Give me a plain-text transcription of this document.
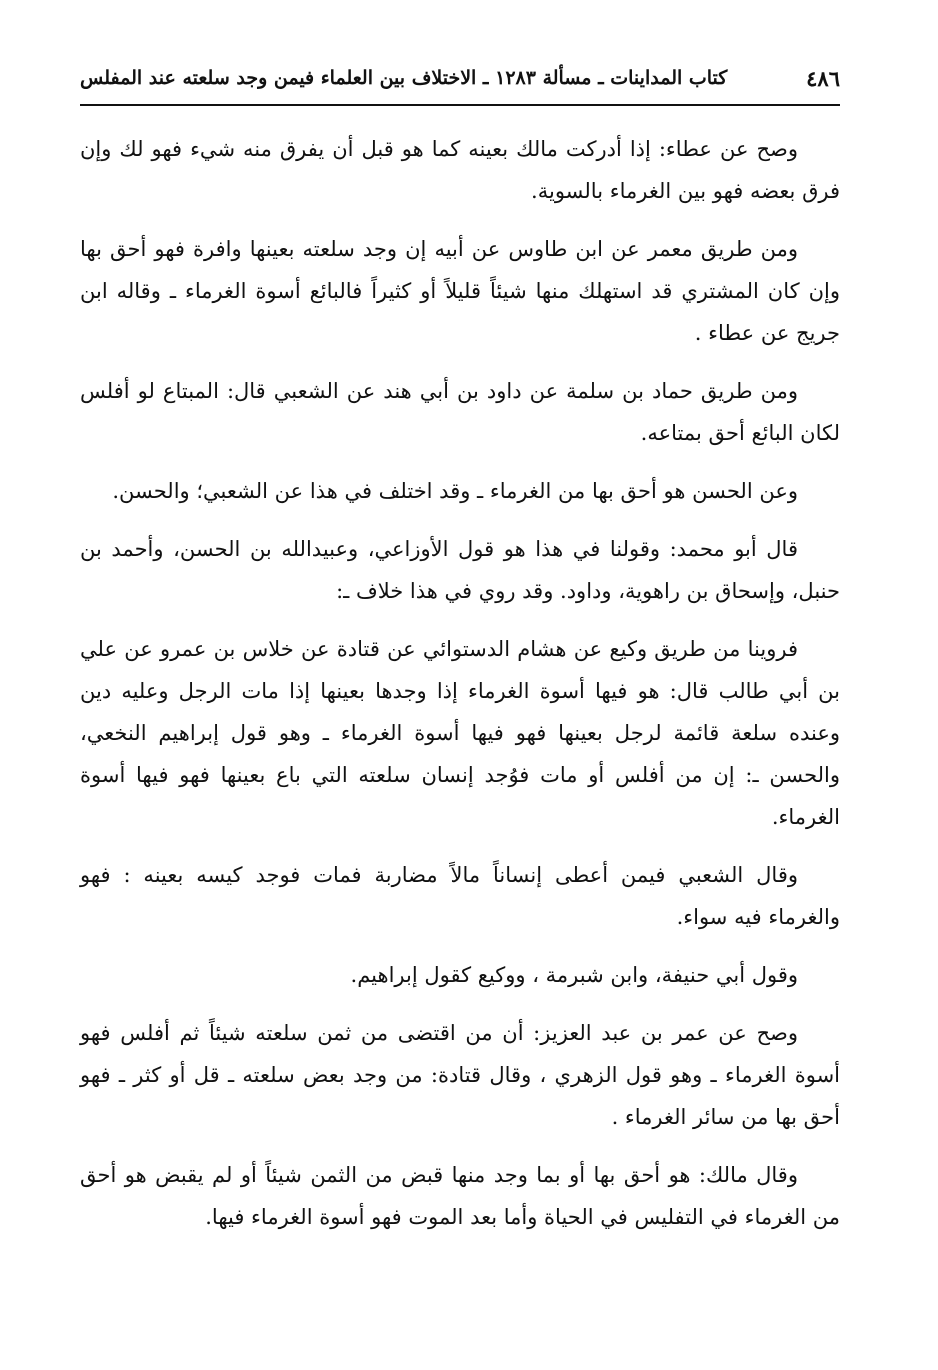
٤٨٦
كتاب المداينات ـ مسألة ١٢٨٣ ـ الاختلاف بين العلماء فيمن وجد سلعته عند المفلس

وصح عن عطاء: إذا أدركت مالك بعينه كما هو قبل أن يفرق منه شيء فهو لك وإن فرق بعضه فهو بين الغرماء بالسوية.

ومن طريق معمر عن ابن طاوس عن أبيه إن وجد سلعته بعينها وافرة فهو أحق بها وإن كان المشتري قد استهلك منها شيئاً قليلاً أو كثيراً فالبائع أسوة الغرماء ـ وقاله ابن جريج عن عطاء .

ومن طريق حماد بن سلمة عن داود بن أبي هند عن الشعبي قال: المبتاع لو أفلس لكان البائع أحق بمتاعه.

وعن الحسن هو أحق بها من الغرماء ـ وقد اختلف في هذا عن الشعبي؛ والحسن.

قال أبو محمد: وقولنا في هذا هو قول الأوزاعي، وعبيدالله بن الحسن، وأحمد بن حنبل، وإسحاق بن راهوية، وداود. وقد روي في هذا خلاف ـ:

فروينا من طريق وكيع عن هشام الدستوائي عن قتادة عن خلاس بن عمرو عن علي بن أبي طالب قال: هو فيها أسوة الغرماء إذا وجدها بعينها إذا مات الرجل وعليه دين وعنده سلعة قائمة لرجل بعينها فهو فيها أسوة الغرماء ـ وهو قول إبراهيم النخعي، والحسن ـ: إن من أفلس أو مات فوُجد إنسان سلعته التي باع بعينها فهو فيها أسوة الغرماء.

وقال الشعبي فيمن أعطى إنساناً مالاً مضاربة فمات فوجد كيسه بعينه : فهو والغرماء فيه سواء.

وقول أبي حنيفة، وابن شبرمة ، ووكيع كقول إبراهيم.

وصح عن عمر بن عبد العزيز: أن من اقتضى من ثمن سلعته شيئاً ثم أفلس فهو أسوة الغرماء ـ وهو قول الزهري ، وقال قتادة: من وجد بعض سلعته ـ قل أو كثر ـ فهو أحق بها من سائر الغرماء .

وقال مالك: هو أحق بها أو بما وجد منها قبض من الثمن شيئاً أو لم يقبض هو أحق من الغرماء في التفليس في الحياة وأما بعد الموت فهو أسوة الغرماء فيها.
